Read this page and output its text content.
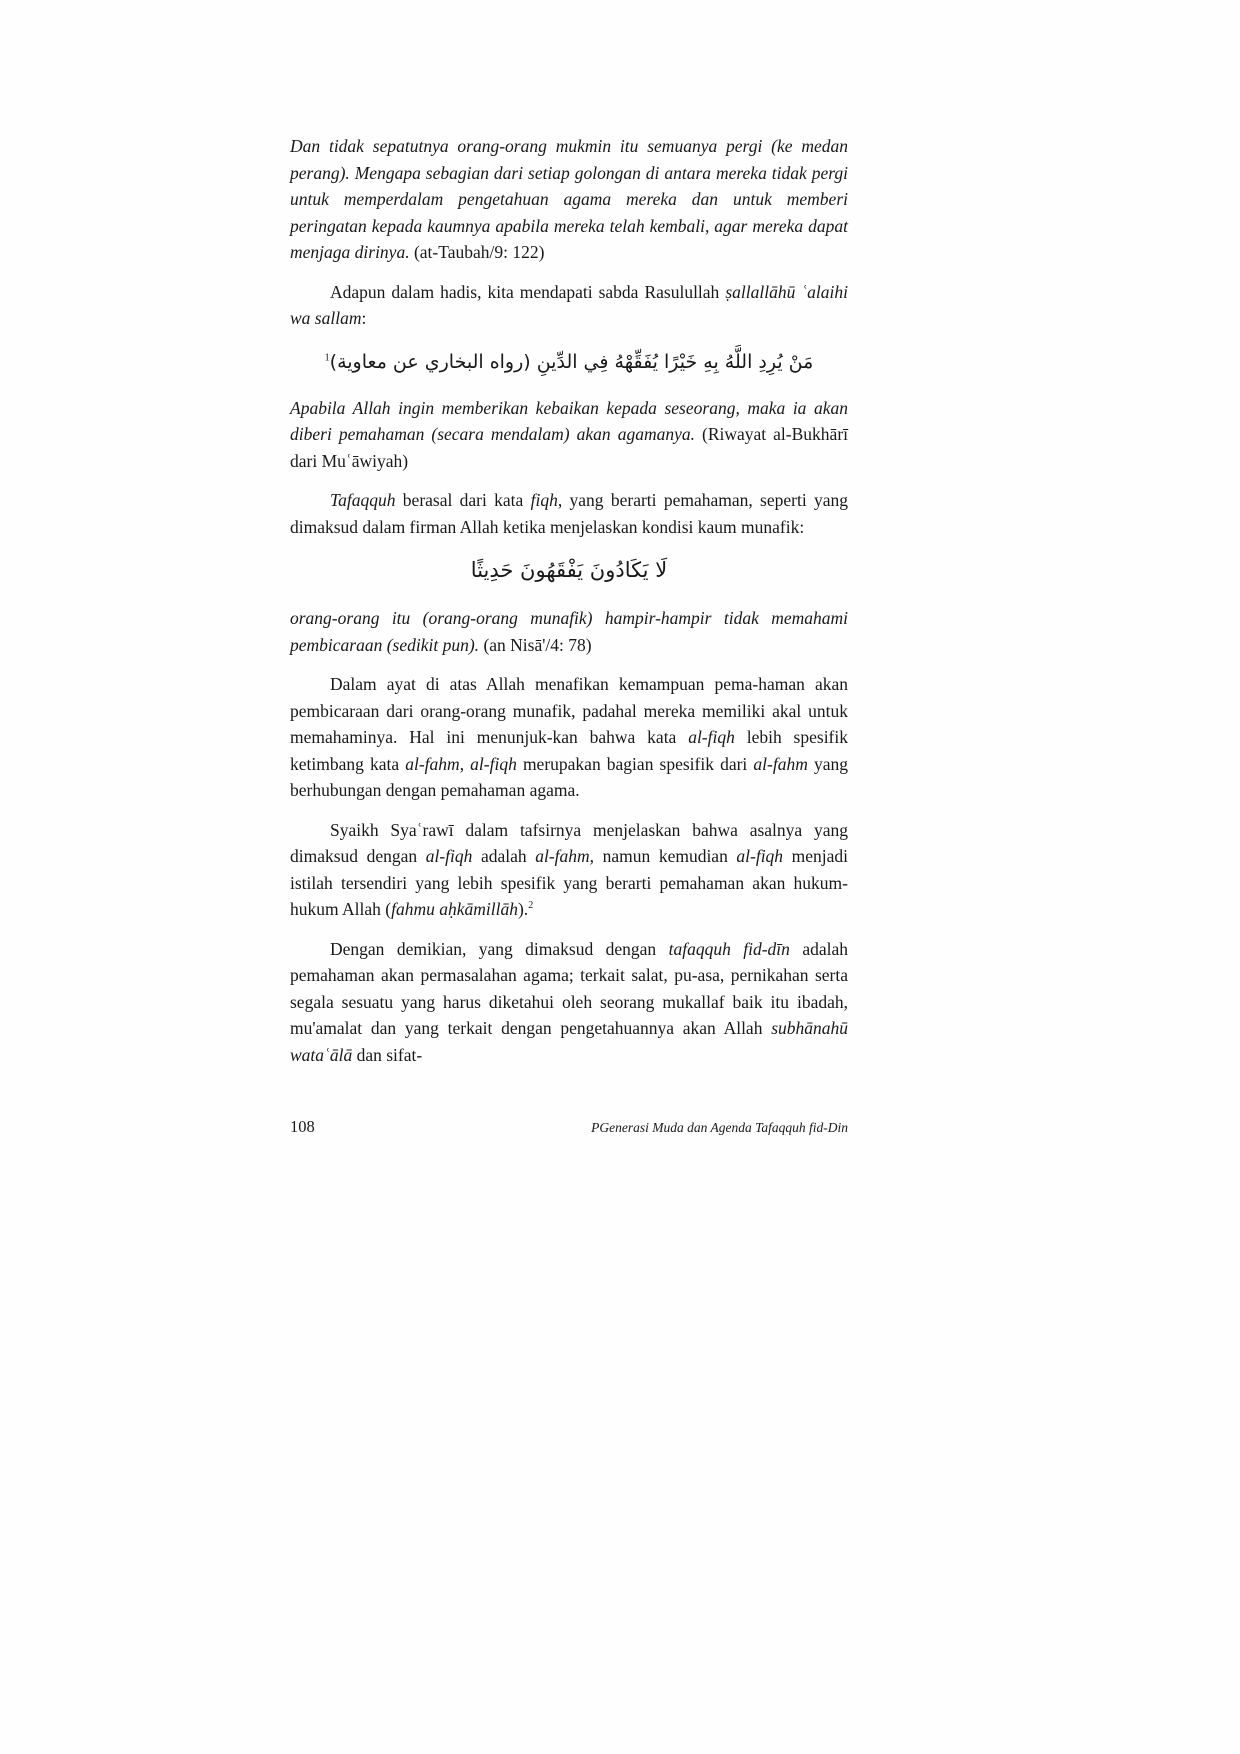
Dan tidak sepatutnya orang-orang mukmin itu semuanya pergi (ke medan perang). Mengapa sebagian dari setiap golongan di antara mereka tidak pergi untuk memperdalam pengetahuan agama mereka dan untuk memberi peringatan kepada kaumnya apabila mereka telah kembali, agar mereka dapat menjaga dirinya. (at-Taubah/9: 122)

Adapun dalam hadis, kita mendapati sabda Rasulullah ṣallallāhū ʿalaihi wa sallam:

مَنْ يُرِدِ اللَّهُ بِهِ خَيْرًا يُفَقِّهْهُ فِي الدِّينِ (رواه البخاري عن معاوية)$^1$

Apabila Allah ingin memberikan kebaikan kepada seseorang, maka ia akan diberi pemahaman (secara mendalam) akan agamanya. (Riwayat al-Bukhārī dari Muʿāwiyah)

Tafaqquh berasal dari kata fiqh, yang berarti pemahaman, seperti yang dimaksud dalam firman Allah ketika menjelaskan kondisi kaum munafik:

لَا يَكَادُونَ يَفْقَهُونَ حَدِيثًا

orang-orang itu (orang-orang munafik) hampir-hampir tidak memahami pembicaraan (sedikit pun). (an Nisā'/4: 78)

Dalam ayat di atas Allah menafikan kemampuan pema-haman akan pembicaraan dari orang-orang munafik, padahal mereka memiliki akal untuk memahaminya. Hal ini menunjuk-kan bahwa kata al-fiqh lebih spesifik ketimbang kata al-fahm, al-fiqh merupakan bagian spesifik dari al-fahm yang berhubungan dengan pemahaman agama.

Syaikh Syaʿrawī dalam tafsirnya menjelaskan bahwa asalnya yang dimaksud dengan al-fiqh adalah al-fahm, namun kemudian al-fiqh menjadi istilah tersendiri yang lebih spesifik yang berarti pemahaman akan hukum-hukum Allah (fahmu aḥkāmillāh).$^2$

Dengan demikian, yang dimaksud dengan tafaqquh fid-dīn adalah pemahaman akan permasalahan agama; terkait salat, pu-asa, pernikahan serta segala sesuatu yang harus diketahui oleh seorang mukallaf baik itu ibadah, mu'amalat dan yang terkait dengan pengetahuannya akan Allah subhānahū wataʿālā dan sifat-

108	PGenerasi Muda dan Agenda Tafaqquh fid-Din
